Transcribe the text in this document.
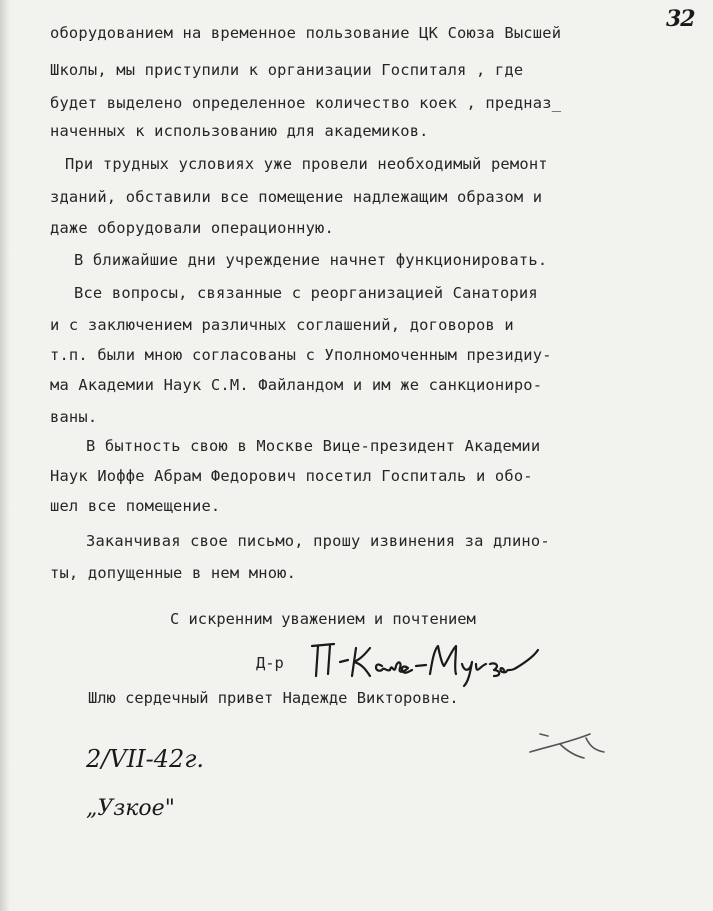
32
оборудованием на временное пользование ЦК Союза Высшей
Школы, мы приступили к организации Госпиталя , где
будет выделено определенное количество коек , предназ_
наченных к использованию для академиков.
При трудных условиях уже провели необходимый ремонт
зданий, обставили все помещение надлежащим образом и
даже оборудовали операционную.
В ближайшие дни учреждение начнет функционировать.
Все вопросы, связанные с реорганизацией Санатория
и с заключением различных соглашений, договоров и
т.п. были мною согласованы с Уполномоченным президиу-
ма Академии Наук С.М. Файландом и им же санкциониро-
ваны.
В бытность свою в Москве Вице-президент Академии
Наук Иоффе Абрам Федорович посетил Госпиталь и обо-
шел все помещение.
Заканчивая свое письмо, прошу извинения за длино-
ты, допущенные в нем мною.
С искренним уважением и почтением
Д-р
Шлю сердечный привет Надежде Викторовне.
2/VII-42г.
„Узкое"
